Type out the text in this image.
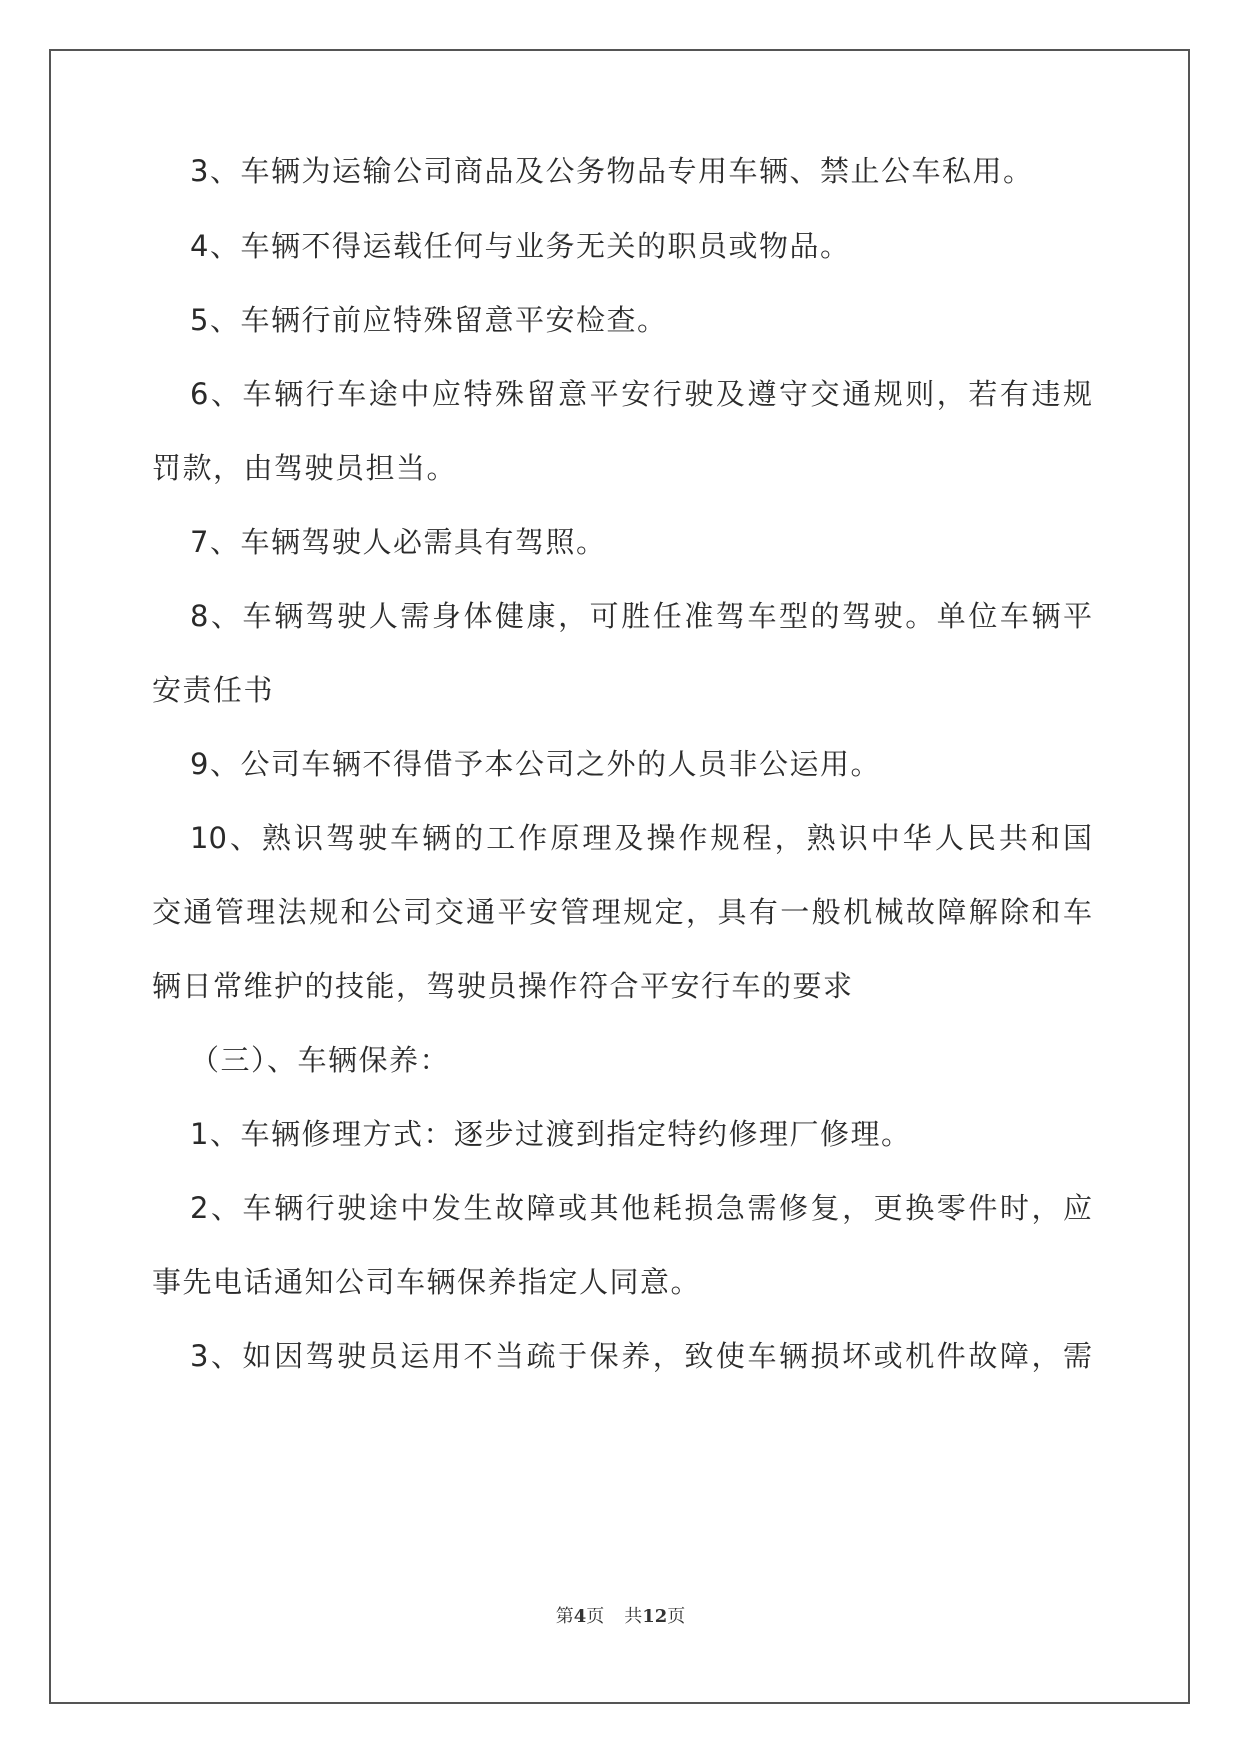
3、车辆为运输公司商品及公务物品专用车辆、禁止公车私用。
4、车辆不得运载任何与业务无关的职员或物品。
5、车辆行前应特殊留意平安检查。
6、车辆行车途中应特殊留意平安行驶及遵守交通规则，若有违规
罚款，由驾驶员担当。
7、车辆驾驶人必需具有驾照。
8、车辆驾驶人需身体健康，可胜任准驾车型的驾驶。单位车辆平
安责任书
9、公司车辆不得借予本公司之外的人员非公运用。
10、熟识驾驶车辆的工作原理及操作规程，熟识中华人民共和国
交通管理法规和公司交通平安管理规定，具有一般机械故障解除和车
辆日常维护的技能，驾驶员操作符合平安行车的要求
（三）、车辆保养：
1、车辆修理方式：逐步过渡到指定特约修理厂修理。
2、车辆行驶途中发生故障或其他耗损急需修复，更换零件时，应
事先电话通知公司车辆保养指定人同意。
3、如因驾驶员运用不当疏于保养，致使车辆损坏或机件故障，需
第4页 共12页
